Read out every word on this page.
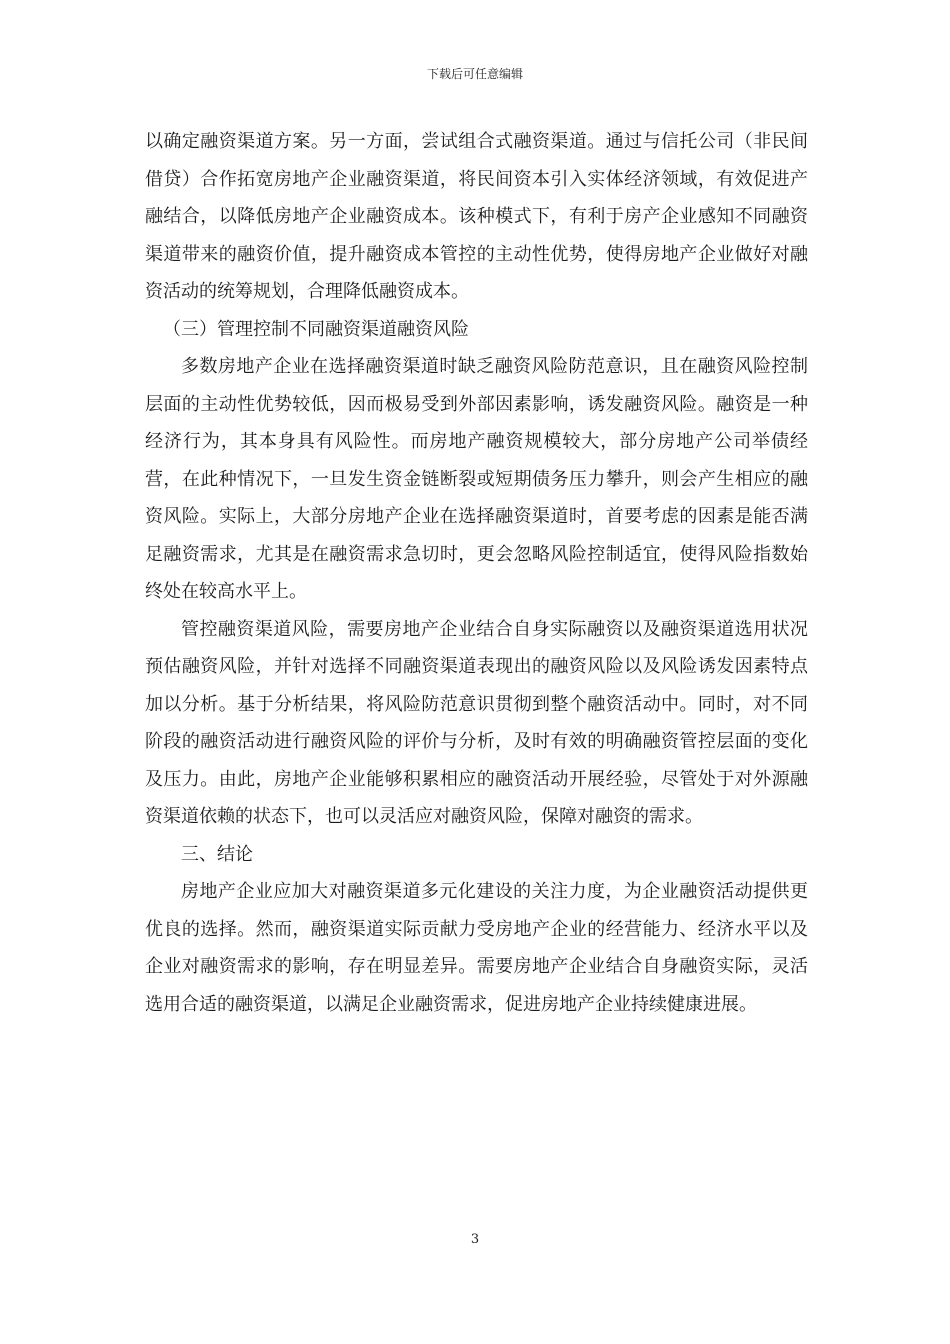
下载后可任意编辑

以确定融资渠道方案。另一方面，尝试组合式融资渠道。通过与信托公司（非民间借贷）合作拓宽房地产企业融资渠道，将民间资本引入实体经济领域，有效促进产融结合，以降低房地产企业融资成本。该种模式下，有利于房产企业感知不同融资渠道带来的融资价值，提升融资成本管控的主动性优势，使得房地产企业做好对融资活动的统筹规划，合理降低融资成本。

（三）管理控制不同融资渠道融资风险

多数房地产企业在选择融资渠道时缺乏融资风险防范意识，且在融资风险控制层面的主动性优势较低，因而极易受到外部因素影响，诱发融资风险。融资是一种经济行为，其本身具有风险性。而房地产融资规模较大，部分房地产公司举债经营，在此种情况下，一旦发生资金链断裂或短期债务压力攀升，则会产生相应的融资风险。实际上，大部分房地产企业在选择融资渠道时，首要考虑的因素是能否满足融资需求，尤其是在融资需求急切时，更会忽略风险控制适宜，使得风险指数始终处在较高水平上。

管控融资渠道风险，需要房地产企业结合自身实际融资以及融资渠道选用状况预估融资风险，并针对选择不同融资渠道表现出的融资风险以及风险诱发因素特点加以分析。基于分析结果，将风险防范意识贯彻到整个融资活动中。同时，对不同阶段的融资活动进行融资风险的评价与分析，及时有效的明确融资管控层面的变化及压力。由此，房地产企业能够积累相应的融资活动开展经验，尽管处于对外源融资渠道依赖的状态下，也可以灵活应对融资风险，保障对融资的需求。

三、结论

房地产企业应加大对融资渠道多元化建设的关注力度，为企业融资活动提供更优良的选择。然而，融资渠道实际贡献力受房地产企业的经营能力、经济水平以及企业对融资需求的影响，存在明显差异。需要房地产企业结合自身融资实际，灵活选用合适的融资渠道，以满足企业融资需求，促进房地产企业持续健康进展。

3
